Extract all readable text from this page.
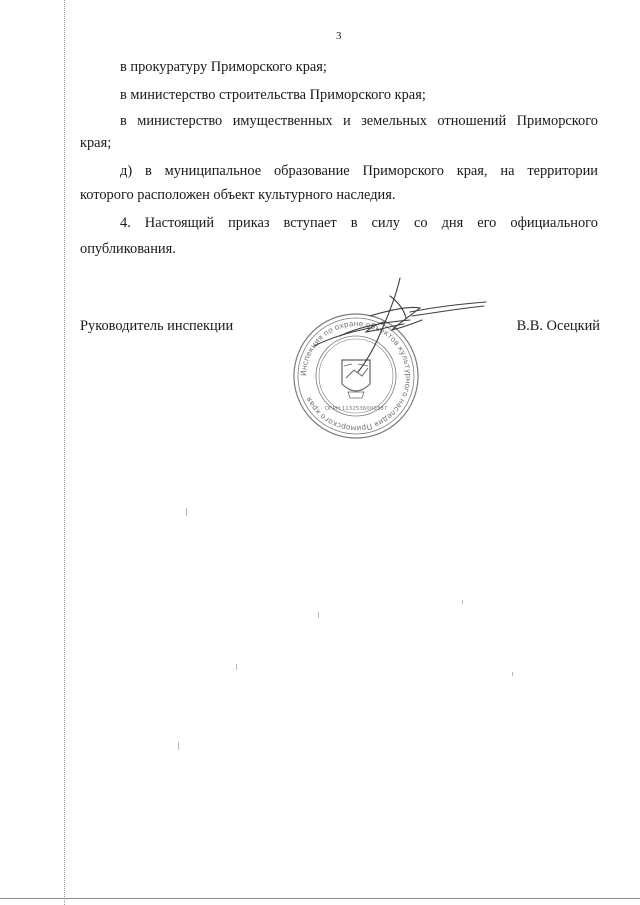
3
в прокуратуру Приморского края;
в министерство строительства Приморского края;
в министерство имущественных и земельных отношений Приморского
края;
д) в муниципальное образование Приморского края, на территории
которого расположен объект культурного наследия.
4. Настоящий приказ вступает в силу со дня его официального
опубликования.
Инспекция по охране объектов культурного наследия Приморского края
ОГРН 1132536000387
Руководитель инспекции	В.В. Осецкий
